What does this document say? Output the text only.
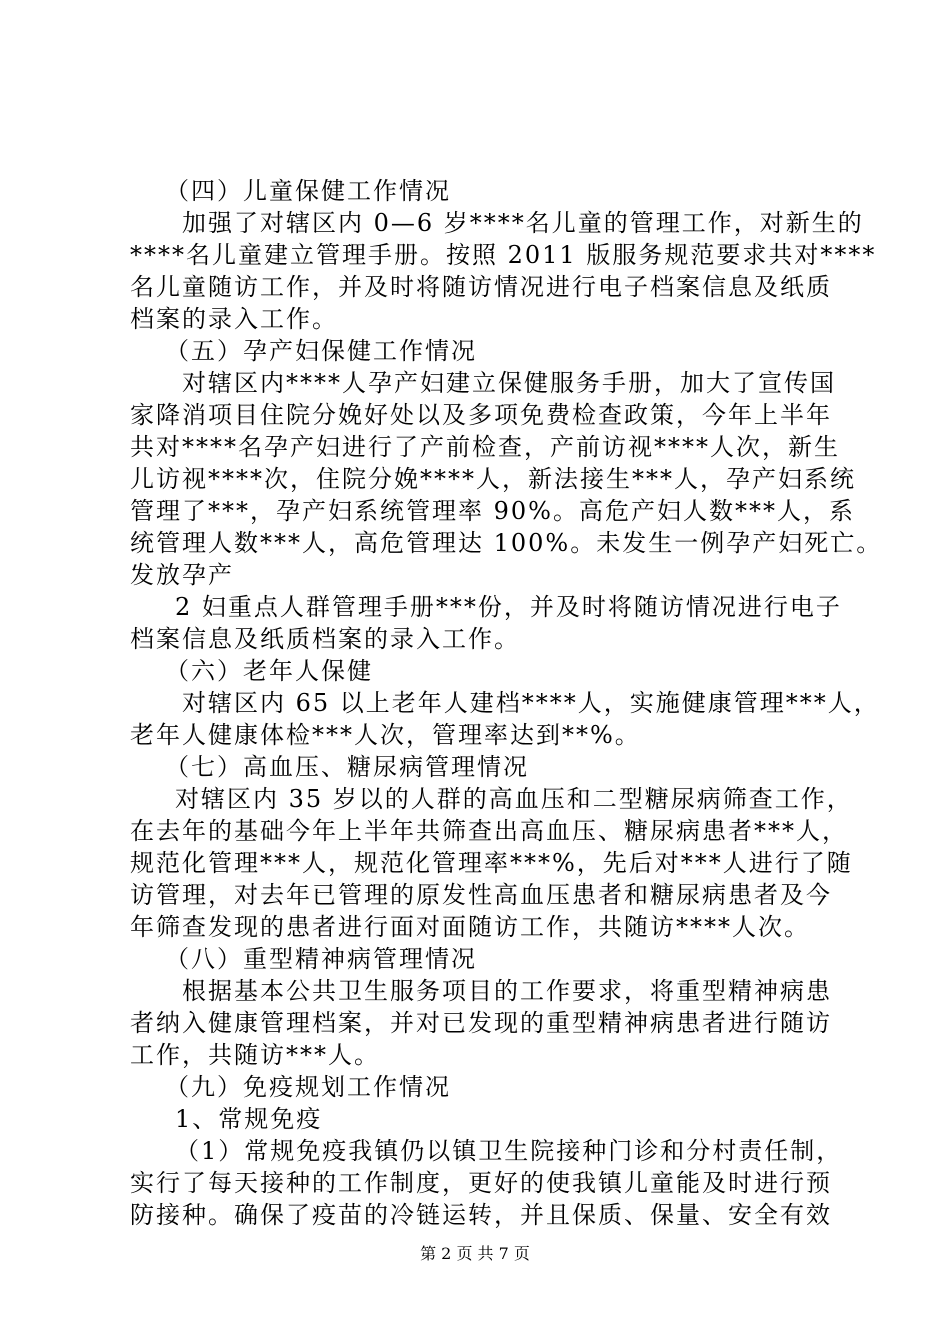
（四）儿童保健工作情况
加强了对辖区内 0—6 岁****名儿童的管理工作，对新生的
****名儿童建立管理手册。按照 2011 版服务规范要求共对****
名儿童随访工作，并及时将随访情况进行电子档案信息及纸质
档案的录入工作。
（五）孕产妇保健工作情况
对辖区内****人孕产妇建立保健服务手册，加大了宣传国
家降消项目住院分娩好处以及多项免费检查政策，今年上半年
共对****名孕产妇进行了产前检查，产前访视****人次，新生
儿访视****次，住院分娩****人，新法接生***人，孕产妇系统
管理了***，孕产妇系统管理率 90%。高危产妇人数***人，系
统管理人数***人，高危管理达 100%。未发生一例孕产妇死亡。
发放孕产
2 妇重点人群管理手册***份，并及时将随访情况进行电子
档案信息及纸质档案的录入工作。
（六）老年人保健
对辖区内 65 以上老年人建档****人，实施健康管理***人，
老年人健康体检***人次，管理率达到**%。
（七）高血压、糖尿病管理情况
对辖区内 35 岁以的人群的高血压和二型糖尿病筛查工作，
在去年的基础今年上半年共筛查出高血压、糖尿病患者***人，
规范化管理***人，规范化管理率***%，先后对***人进行了随
访管理，对去年已管理的原发性高血压患者和糖尿病患者及今
年筛查发现的患者进行面对面随访工作，共随访****人次。
（八）重型精神病管理情况
根据基本公共卫生服务项目的工作要求，将重型精神病患
者纳入健康管理档案，并对已发现的重型精神病患者进行随访
工作，共随访***人。
（九）免疫规划工作情况
1、常规免疫
（1）常规免疫我镇仍以镇卫生院接种门诊和分村责任制，
实行了每天接种的工作制度，更好的使我镇儿童能及时进行预
防接种。确保了疫苗的冷链运转，并且保质、保量、安全有效
第 2 页 共 7 页
